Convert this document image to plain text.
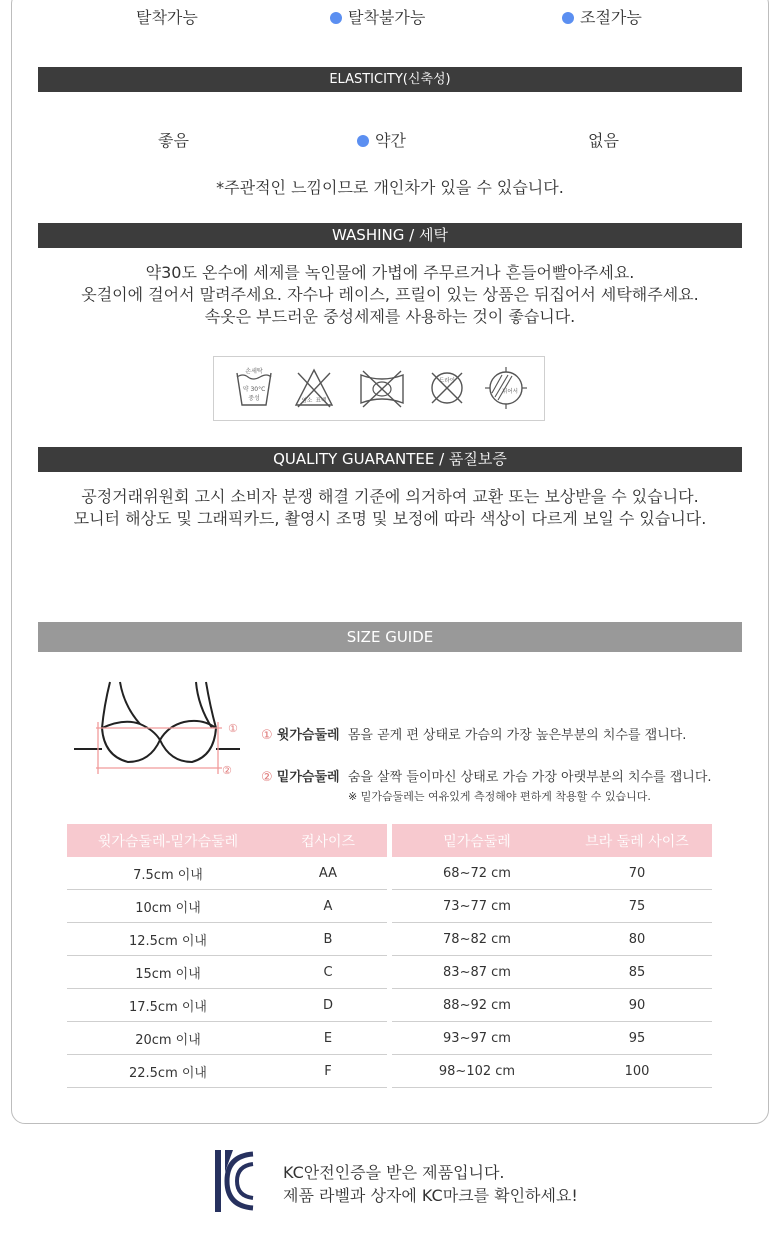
탈착가능	탈착불가능	조절가능
ELASTICITY(신축성)
좋음	약간	없음
*주관적인 느낌이므로 개인차가 있을 수 있습니다.
WASHING / 세탁
약30도 온수에 세제를 녹인물에 가볍에 주무르거나 흔들어빨아주세요.
옷걸이에 걸어서 말려주세요. 자수나 레이스, 프릴이 있는 상품은 뒤집어서 세탁해주세요.
속옷은 부드러운 중성세제를 사용하는 것이 좋습니다.
손세탁
약 30°C
중성	염소 표백
드라이
뉘어서
QUALITY GUARANTEE / 품질보증
공정거래위원회 고시 소비자 분쟁 해결 기준에 의거하여 교환 또는 보상받을 수 있습니다.
모니터 해상도 및 그래픽카드, 촬영시 조명 및 보정에 따라 색상이 다르게 보일 수 있습니다.
SIZE GUIDE
①
②
① 윗가슴둘레 몸을 곧게 편 상태로 가슴의 가장 높은부분의 치수를 잽니다.
② 밑가슴둘레 숨을 살짝 들이마신 상태로 가슴 가장 아랫부분의 치수를 잽니다.
※ 밑가슴둘레는 여유있게 측정해야 편하게 착용할 수 있습니다.
윗가슴둘레-밑가슴둘레	컵사이즈
7.5cm 이내	AA
10cm 이내	A
12.5cm 이내	B
15cm 이내	C
17.5cm 이내	D
20cm 이내	E
22.5cm 이내	F
밑가슴둘레	브라 둘레 사이즈
68~72 cm	70
73~77 cm	75
78~82 cm	80
83~87 cm	85
88~92 cm	90
93~97 cm	95
98~102 cm	100
KC안전인증을 받은 제품입니다.
제품 라벨과 상자에 KC마크를 확인하세요!
